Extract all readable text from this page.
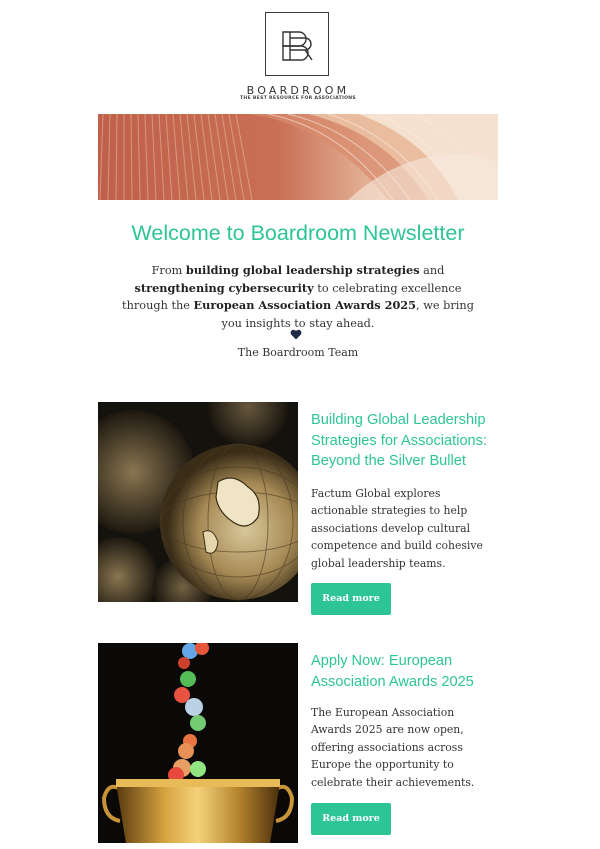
BOARDROOM
THE BEST RESOURCE FOR ASSOCIATIONS
Welcome to Boardroom Newsletter
From building global leadership strategies and strengthening cybersecurity to celebrating excellence through the European Association Awards 2025, we bring you insights to stay ahead.
The Boardroom Team
Building Global Leadership Strategies for Associations: Beyond the Silver Bullet
Factum Global explores actionable strategies to help associations develop cultural competence and build cohesive global leadership teams.
Read more
Apply Now: European Association Awards 2025
The European Association Awards 2025 are now open, offering associations across Europe the opportunity to celebrate their achievements.
Read more
